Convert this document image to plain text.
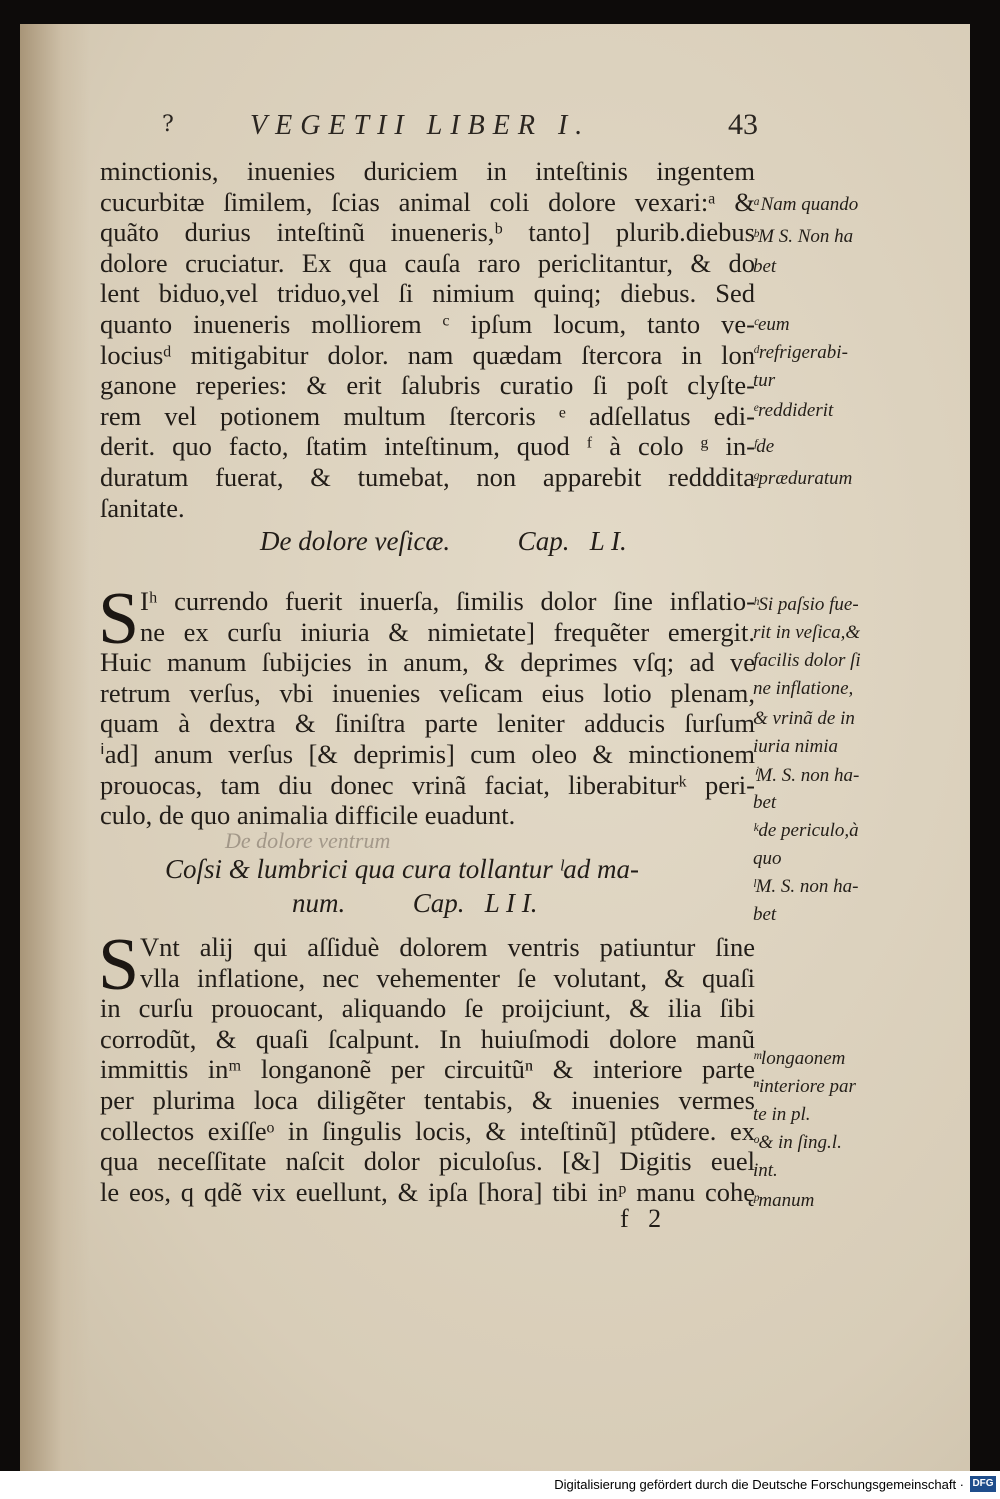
?	VEGETII LIBER I.	43
minctionis, inuenies duriciem in inteſtinis ingentem
cucurbitæ ſimilem, ſcias animal coli dolore vexari:ᵃ &
quãto durius inteſtinũ inueneris,ᵇ tanto] plurib.diebus
dolore cruciatur. Ex qua cauſa raro periclitantur, & do
lent biduo,vel triduo,vel ſi nimium quinq; diebus. Sed
quanto inueneris molliorem ᶜ ipſum locum, tanto ve-
lociusᵈ mitigabitur dolor. nam quædam ſtercora in lon
ganone reperies: & erit ſalubris curatio ſi poſt clyſte-
rem vel potionem multum ſtercoris ᵉ adſellatus edi-
derit. quo facto, ſtatim inteſtinum, quod ᶠ à colo ᵍ in-
duratum fuerat, & tumebat, non apparebit redddita
ſanitate.
De dolore veſicæ.          Cap.   L I.
S Iʰ currendo fuerit inuerſa, ſimilis dolor ſine inflatio-
ne ex curſu iniuria & nimietate] frequẽter emergit.
Huic manum ſubijcies in anum, & deprimes vſq; ad ve
retrum verſus, vbi inuenies veſicam eius lotio plenam,
quam à dextra & ſiniſtra parte leniter adducis ſurſum
ⁱad] anum verſus [& deprimis] cum oleo & minctionem
prouocas, tam diu donec vrinã faciat, liberabiturᵏ peri-
culo, de quo animalia difficile euadunt.
De dolore ventrum
Coſsi & lumbrici qua cura tollantur ˡad ma-
num.          Cap.   L I I.
S Vnt alij qui aſſiduè dolorem ventris patiuntur ſine
vlla inflatione, nec vehementer ſe volutant, & quaſi
in curſu prouocant, aliquando ſe proijciunt, & ilia ſibi
corrodũt, & quaſi ſcalpunt. In huiuſmodi dolore manũ
immittis inᵐ longanonẽ per circuitũⁿ & interiore parte
per plurima loca diligẽter tentabis, & inuenies vermes
collectos exiſſeᵒ in ſingulis locis, & inteſtinũ] ptũdere. ex
qua neceſſitate naſcit dolor piculoſus. [&] Digitis euel
le eos, q qdẽ vix euellunt, & ipſa [hora] tibi inᵖ manu cohę
f   2
ᵃNam quando
ᵇM S. Non ha
bet
ᶜeum
ᵈrefrigerabi-
tur
ᵉreddiderit
ᶠde
ᵍpræduratum
ʰSi paſsio fue-
rit in veſica,&
facilis dolor ſi
ne inflatione,
& vrinã de in
iuria nimia
ⁱM. S. non ha-
bet
ᵏde periculo,à
quo
ˡM. S. non ha-
bet
ᵐlongaonem
ⁿinteriore par
te in pl.
ᵒ& in ſing.l.
int.
ᵖmanum
Digitalisierung gefördert durch die Deutsche Forschungsgemeinschaft · DFG
